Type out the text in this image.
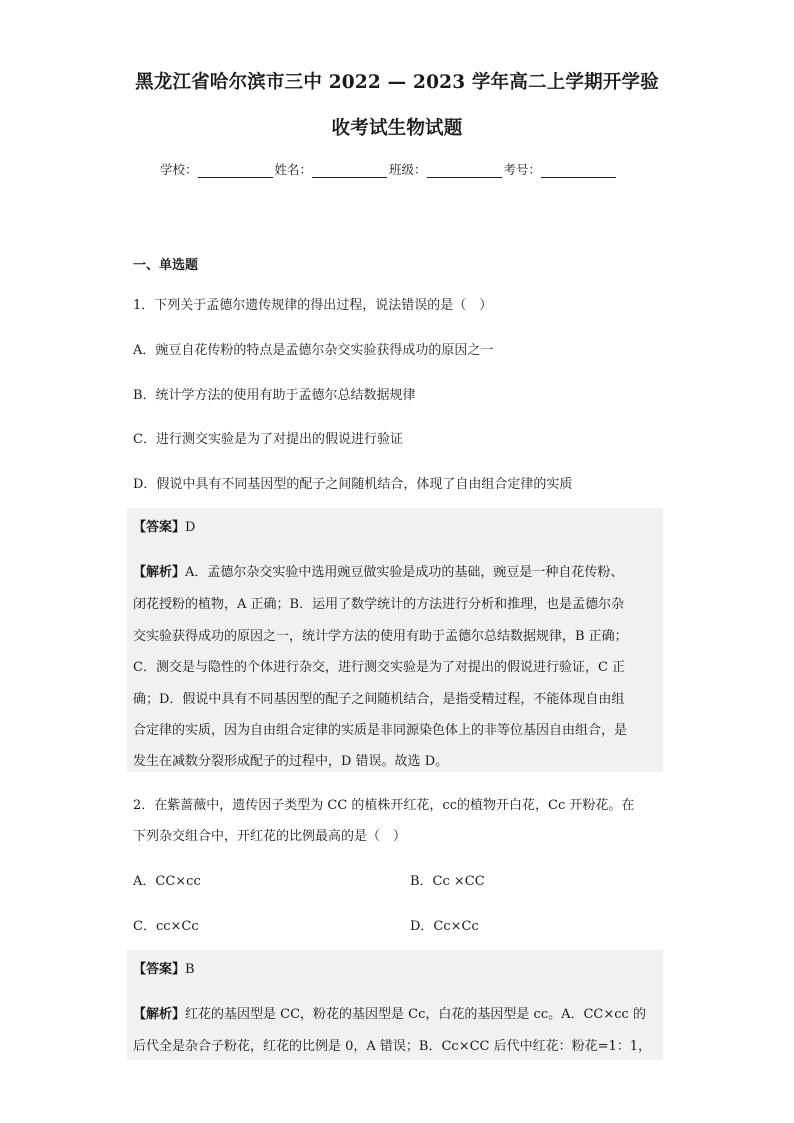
黑龙江省哈尔滨市三中 2022 — 2023 学年高二上学期开学验
收考试生物试题
学校：	姓名：	班级：	考号：
一、单选题
1．下列关于孟德尔遗传规律的得出过程，说法错误的是（　）
A．豌豆自花传粉的特点是孟德尔杂交实验获得成功的原因之一
B．统计学方法的使用有助于孟德尔总结数据规律
C．进行测交实验是为了对提出的假说进行验证
D．假说中具有不同基因型的配子之间随机结合，体现了自由组合定律的实质
【答案】D
【解析】A．孟德尔杂交实验中选用豌豆做实验是成功的基础，豌豆是一种自花传粉、
闭花授粉的植物，A 正确；B．运用了数学统计的方法进行分析和推理，也是孟德尔杂
交实验获得成功的原因之一，统计学方法的使用有助于孟德尔总结数据规律，B 正确；
C．测交是与隐性的个体进行杂交，进行测交实验是为了对提出的假说进行验证，C 正
确；D．假说中具有不同基因型的配子之间随机结合，是指受精过程，不能体现自由组
合定律的实质，因为自由组合定律的实质是非同源染色体上的非等位基因自由组合，是
发生在减数分裂形成配子的过程中，D 错误。故选 D。
2．在紫蔷薇中，遗传因子类型为 CC 的植株开红花，cc的植物开白花，Cc 开粉花。在
下列杂交组合中，开红花的比例最高的是（　）
A．CC×cc	B．Cc ×CC
C．cc×Cc	D．Cc×Cc
【答案】B
【解析】红花的基因型是 CC，粉花的基因型是 Cc，白花的基因型是 cc。A．CC×cc 的
后代全是杂合子粉花，红花的比例是 0，A 错误；B．Cc×CC 后代中红花：粉花=1：1，
